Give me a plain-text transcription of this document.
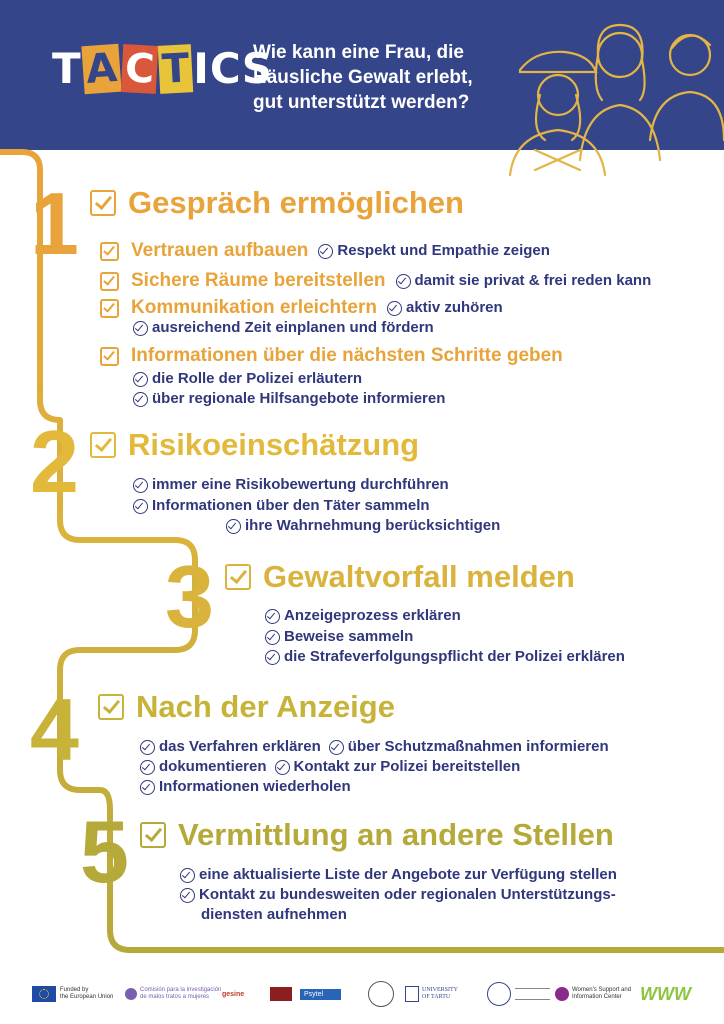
T A C T I C S
Wie kann eine Frau, die
Häusliche Gewalt erlebt,
gut unterstützt werden?
1 Gespräch ermöglichen
Vertrauen aufbauen Respekt und Empathie zeigen
Sichere Räume bereitstellen damit sie privat & frei reden kann
Kommunikation erleichtern aktiv zuhören
ausreichend Zeit einplanen und fördern
Informationen über die nächsten Schritte geben
die Rolle der Polizei erläutern
über regionale Hilfsangebote informieren
2 Risikoeinschätzung
immer eine Risikobewertung durchführen
Informationen über den Täter sammeln
ihre Wahrnehmung berücksichtigen
3 Gewaltvorfall melden
Anzeigeprozess erklären
Beweise sammeln
die Strafeverfolgungspflicht der Polizei erklären
4 Nach der Anzeige
das Verfahren erklären über Schutzmaßnahmen informieren
dokumentieren Kontakt zur Polizei bereitstellen
Informationen wiederholen
5 Vermittlung an andere Stellen
eine aktualisierte Liste der Angebote zur Verfügung stellen
Kontakt zu bundesweiten oder regionalen Unterstützungs-
diensten aufnehmen
Funded by
the European Union
Comisión para la investigación
de malos tratos a mujeres	gesine	Psytel
UNIVERSITY
OF TARTU
Women's Support and
Information Center	WWW
